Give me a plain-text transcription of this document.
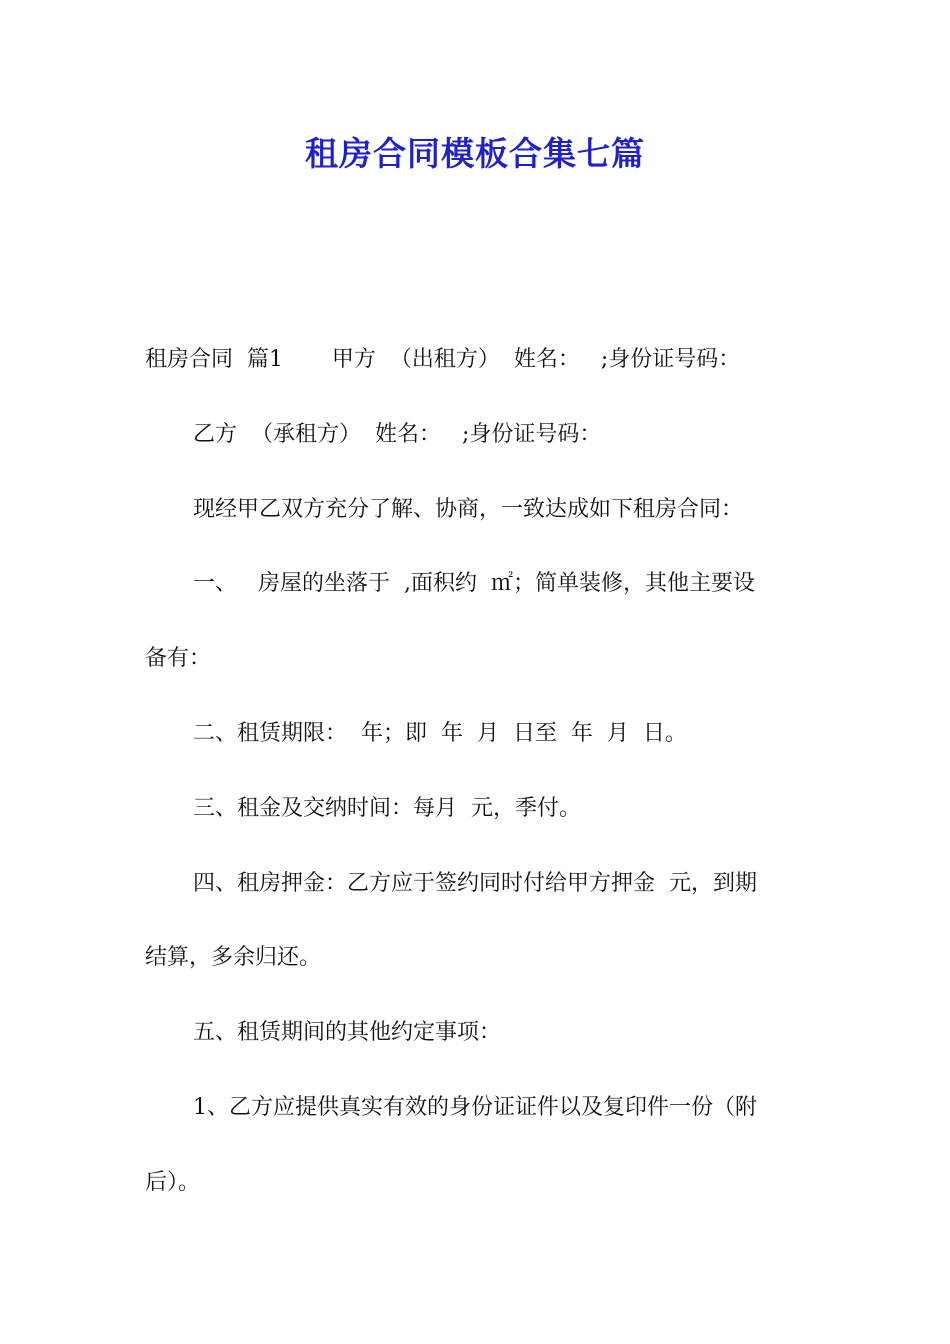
租房合同模板合集七篇

租房合同  篇1       甲方  （出租方）  姓名：   ;身份证号码：

乙方  （承租方）  姓名：   ;身份证号码：

现经甲乙双方充分了解、协商，一致达成如下租房合同：

一、   房屋的坐落于  ,面积约  ㎡；简单装修，其他主要设

备有：

二、租赁期限：  年；即  年  月  日至  年  月  日。

三、租金及交纳时间：每月  元，季付。

四、租房押金：乙方应于签约同时付给甲方押金  元，到期

结算，多余归还。

五、租赁期间的其他约定事项：

1、乙方应提供真实有效的身份证证件以及复印件一份（附

后）。
